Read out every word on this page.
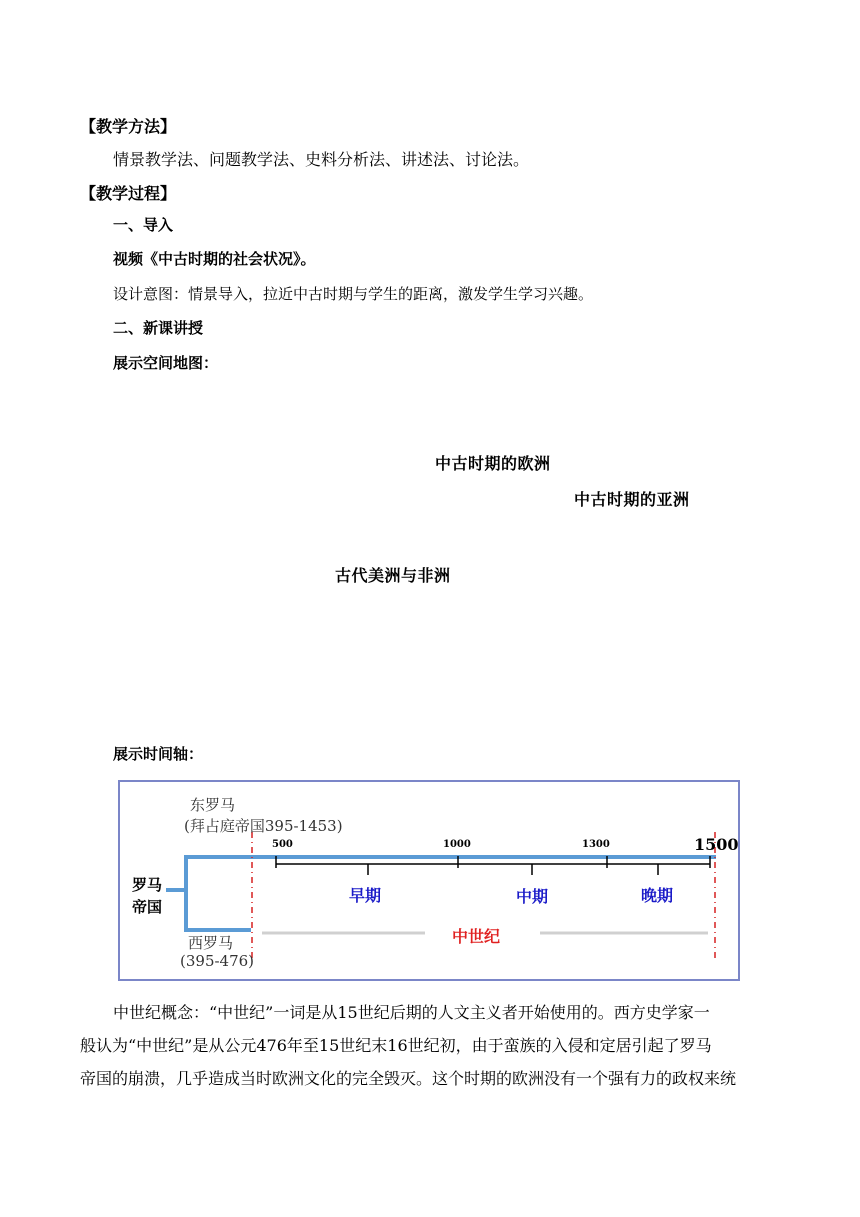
【教学方法】
情景教学法、问题教学法、史料分析法、讲述法、讨论法。
【教学过程】
一、导入
视频《中古时期的社会状况》。
设计意图：情景导入，拉近中古时期与学生的距离，激发学生学习兴趣。
二、新课讲授
展示空间地图：
中古时期的欧洲
中古时期的亚洲
古代美洲与非洲
展示时间轴：
东罗马
(拜占庭帝国395-1453)
500	1000	1300	1500
罗马
帝国
早期	中期	晚期
中世纪
西罗马
(395-476)
中世纪概念：“中世纪”一词是从15世纪后期的人文主义者开始使用的。西方史学家一
般认为“中世纪”是从公元476年至15世纪末16世纪初，由于蛮族的入侵和定居引起了罗马
帝国的崩溃，几乎造成当时欧洲文化的完全毁灭。这个时期的欧洲没有一个强有力的政权来统
